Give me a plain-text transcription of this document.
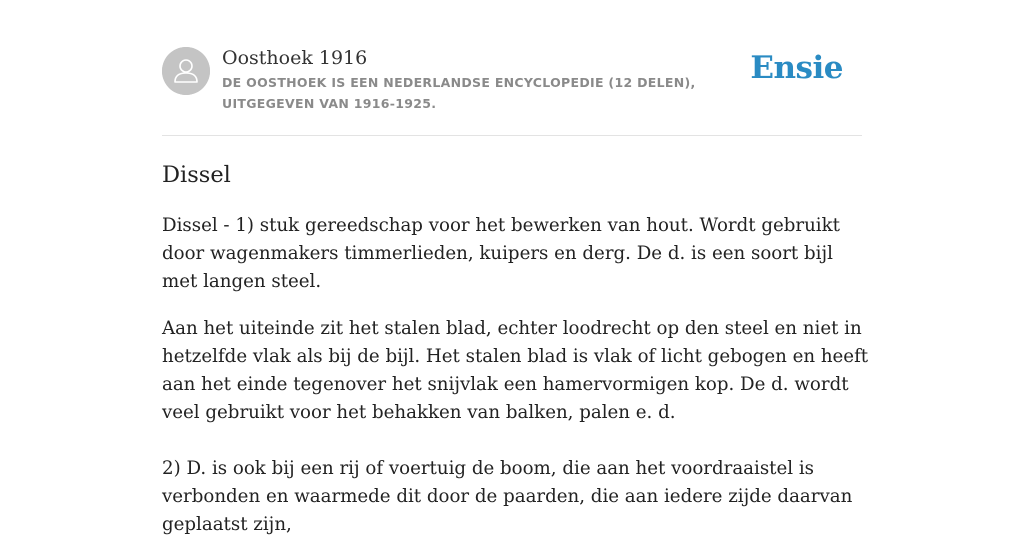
Oosthoek 1916
DE OOSTHOEK IS EEN NEDERLANDSE ENCYCLOPEDIE (12 DELEN), UITGEGEVEN VAN 1916-1925.
Ensie
Dissel

Dissel - 1) stuk gereedschap voor het bewerken van hout. Wordt gebruikt door wagenmakers timmerlieden, kuipers en derg. De d. is een soort bijl met langen steel.

Aan het uiteinde zit het stalen blad, echter loodrecht op den steel en niet in hetzelfde vlak als bij de bijl. Het stalen blad is vlak of licht gebogen en heeft aan het einde tegenover het snijvlak een hamervormigen kop. De d. wordt veel gebruikt voor het behakken van balken, palen e. d.

2) D. is ook bij een rij of voertuig de boom, die aan het voordraaistel is verbonden en waarmede dit door de paarden, die aan iedere zijde daarvan geplaatst zijn,
